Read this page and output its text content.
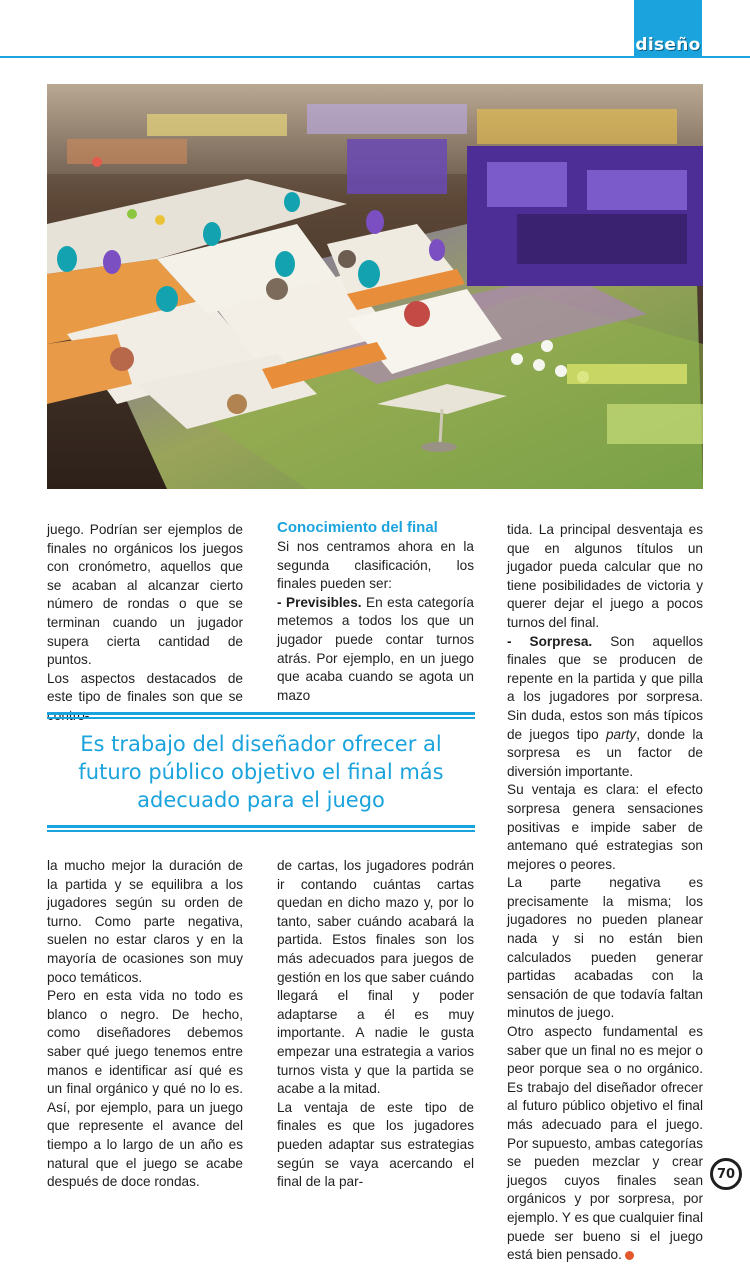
diseño

juego. Podrían ser ejemplos de finales no orgánicos los juegos con cronómetro, aquellos que se acaban al alcanzar cierto número de rondas o que se terminan cuando un jugador supera cierta cantidad de puntos.

Los aspectos destacados de este tipo de finales son que se contro-

Conocimiento del final

Si nos centramos ahora en la segunda clasificación, los finales pueden ser:

- Previsibles. En esta categoría metemos a todos los que un jugador puede contar turnos atrás. Por ejemplo, en un juego que acaba cuando se agota un mazo

Es trabajo del diseñador ofrecer al futuro público objetivo el final más adecuado para el juego

la mucho mejor la duración de la partida y se equilibra a los jugadores según su orden de turno. Como parte negativa, suelen no estar claros y en la mayoría de ocasiones son muy poco temáticos.

Pero en esta vida no todo es blanco o negro. De hecho, como diseñadores debemos saber qué juego tenemos entre manos e identificar así qué es un final orgánico y qué no lo es. Así, por ejemplo, para un juego que represente el avance del tiempo a lo largo de un año es natural que el juego se acabe después de doce rondas.

de cartas, los jugadores podrán ir contando cuántas cartas quedan en dicho mazo y, por lo tanto, saber cuándo acabará la partida. Estos finales son los más adecuados para juegos de gestión en los que saber cuándo llegará el final y poder adaptarse a él es muy importante. A nadie le gusta empezar una estrategia a varios turnos vista y que la partida se acabe a la mitad.

La ventaja de este tipo de finales es que los jugadores pueden adaptar sus estrategias según se vaya acercando el final de la par-

tida. La principal desventaja es que en algunos títulos un jugador pueda calcular que no tiene posibilidades de victoria y querer dejar el juego a pocos turnos del final.

- Sorpresa. Son aquellos finales que se producen de repente en la partida y que pilla a los jugadores por sorpresa. Sin duda, estos son más típicos de juegos tipo party, donde la sorpresa es un factor de diversión importante.

Su ventaja es clara: el efecto sorpresa genera sensaciones positivas e impide saber de antemano qué estrategias son mejores o peores.

La parte negativa es precisamente la misma; los jugadores no pueden planear nada y si no están bien calculados pueden generar partidas acabadas con la sensación de que todavía faltan minutos de juego.

Otro aspecto fundamental es saber que un final no es mejor o peor porque sea o no orgánico. Es trabajo del diseñador ofrecer al futuro público objetivo el final más adecuado para el juego. Por supuesto, ambas categorías se pueden mezclar y crear juegos cuyos finales sean orgánicos y por sorpresa, por ejemplo. Y es que cualquier final puede ser bueno si el juego está bien pensado.

70
